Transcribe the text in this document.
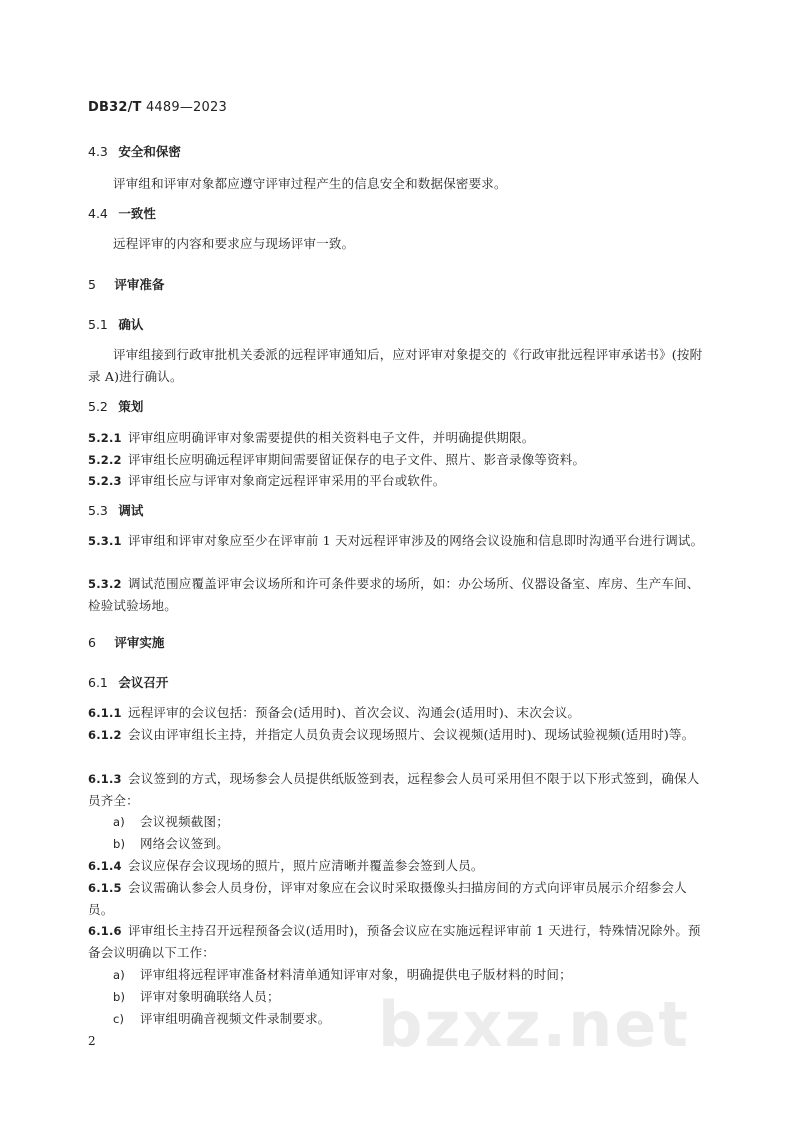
DB32/T 4489—2023
4.3 安全和保密
评审组和评审对象都应遵守评审过程产生的信息安全和数据保密要求。
4.4 一致性
远程评审的内容和要求应与现场评审一致。
5 评审准备
5.1 确认
评审组接到行政审批机关委派的远程评审通知后，应对评审对象提交的《行政审批远程评审承诺书》(按附录 A)进行确认。
5.2 策划
5.2.1 评审组应明确评审对象需要提供的相关资料电子文件，并明确提供期限。
5.2.2 评审组长应明确远程评审期间需要留证保存的电子文件、照片、影音录像等资料。
5.2.3 评审组长应与评审对象商定远程评审采用的平台或软件。
5.3 调试
5.3.1 评审组和评审对象应至少在评审前 1 天对远程评审涉及的网络会议设施和信息即时沟通平台进行调试。
5.3.2 调试范围应覆盖评审会议场所和许可条件要求的场所，如：办公场所、仪器设备室、库房、生产车间、检验试验场地。
6 评审实施
6.1 会议召开
6.1.1 远程评审的会议包括：预备会(适用时)、首次会议、沟通会(适用时)、末次会议。
6.1.2 会议由评审组长主持，并指定人员负责会议现场照片、会议视频(适用时)、现场试验视频(适用时)等。
6.1.3 会议签到的方式，现场参会人员提供纸版签到表，远程参会人员可采用但不限于以下形式签到，确保人员齐全：
a) 会议视频截图；
b) 网络会议签到。
6.1.4 会议应保存会议现场的照片，照片应清晰并覆盖参会签到人员。
6.1.5 会议需确认参会人员身份，评审对象应在会议时采取摄像头扫描房间的方式向评审员展示介绍参会人员。
6.1.6 评审组长主持召开远程预备会议(适用时)，预备会议应在实施远程评审前 1 天进行，特殊情况除外。预备会议明确以下工作：
a) 评审组将远程评审准备材料清单通知评审对象，明确提供电子版材料的时间；
b) 评审对象明确联络人员；
c) 评审组明确音视频文件录制要求。 bzxz.net
2
